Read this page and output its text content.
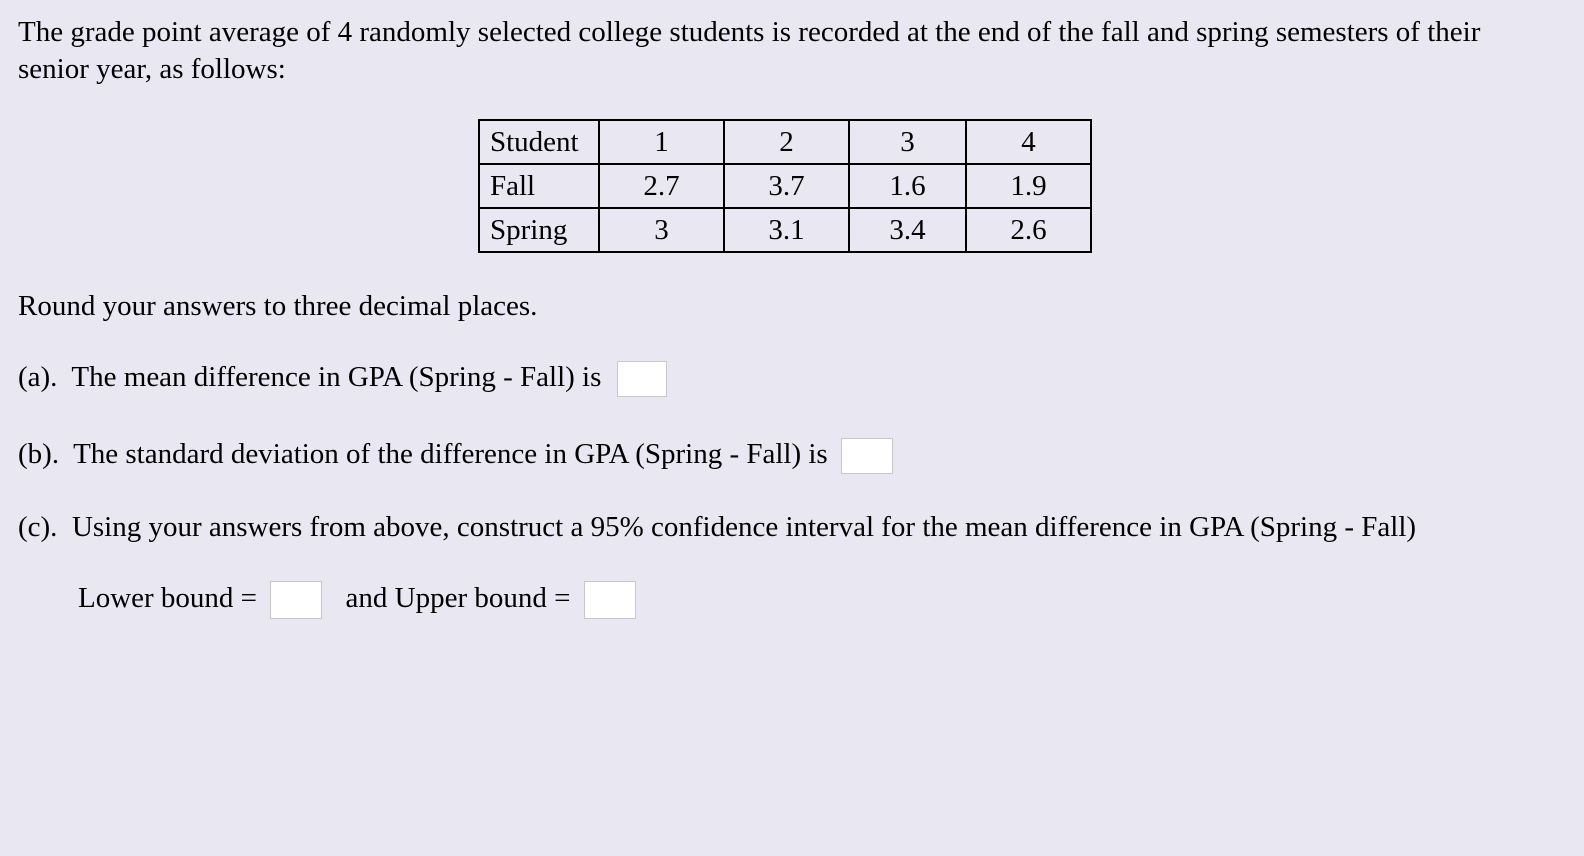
The grade point average of 4 randomly selected college students is recorded at the end of the fall and spring semesters of their senior year, as follows:
Student	1	2	3	4
Fall	2.7	3.7	1.6	1.9
Spring	3	3.1	3.4	2.6
Round your answers to three decimal places.
(a). The mean difference in GPA (Spring - Fall) is
(b). The standard deviation of the difference in GPA (Spring - Fall) is
(c). Using your answers from above, construct a 95% confidence interval for the mean difference in GPA (Spring - Fall)
Lower bound =	and Upper bound =
